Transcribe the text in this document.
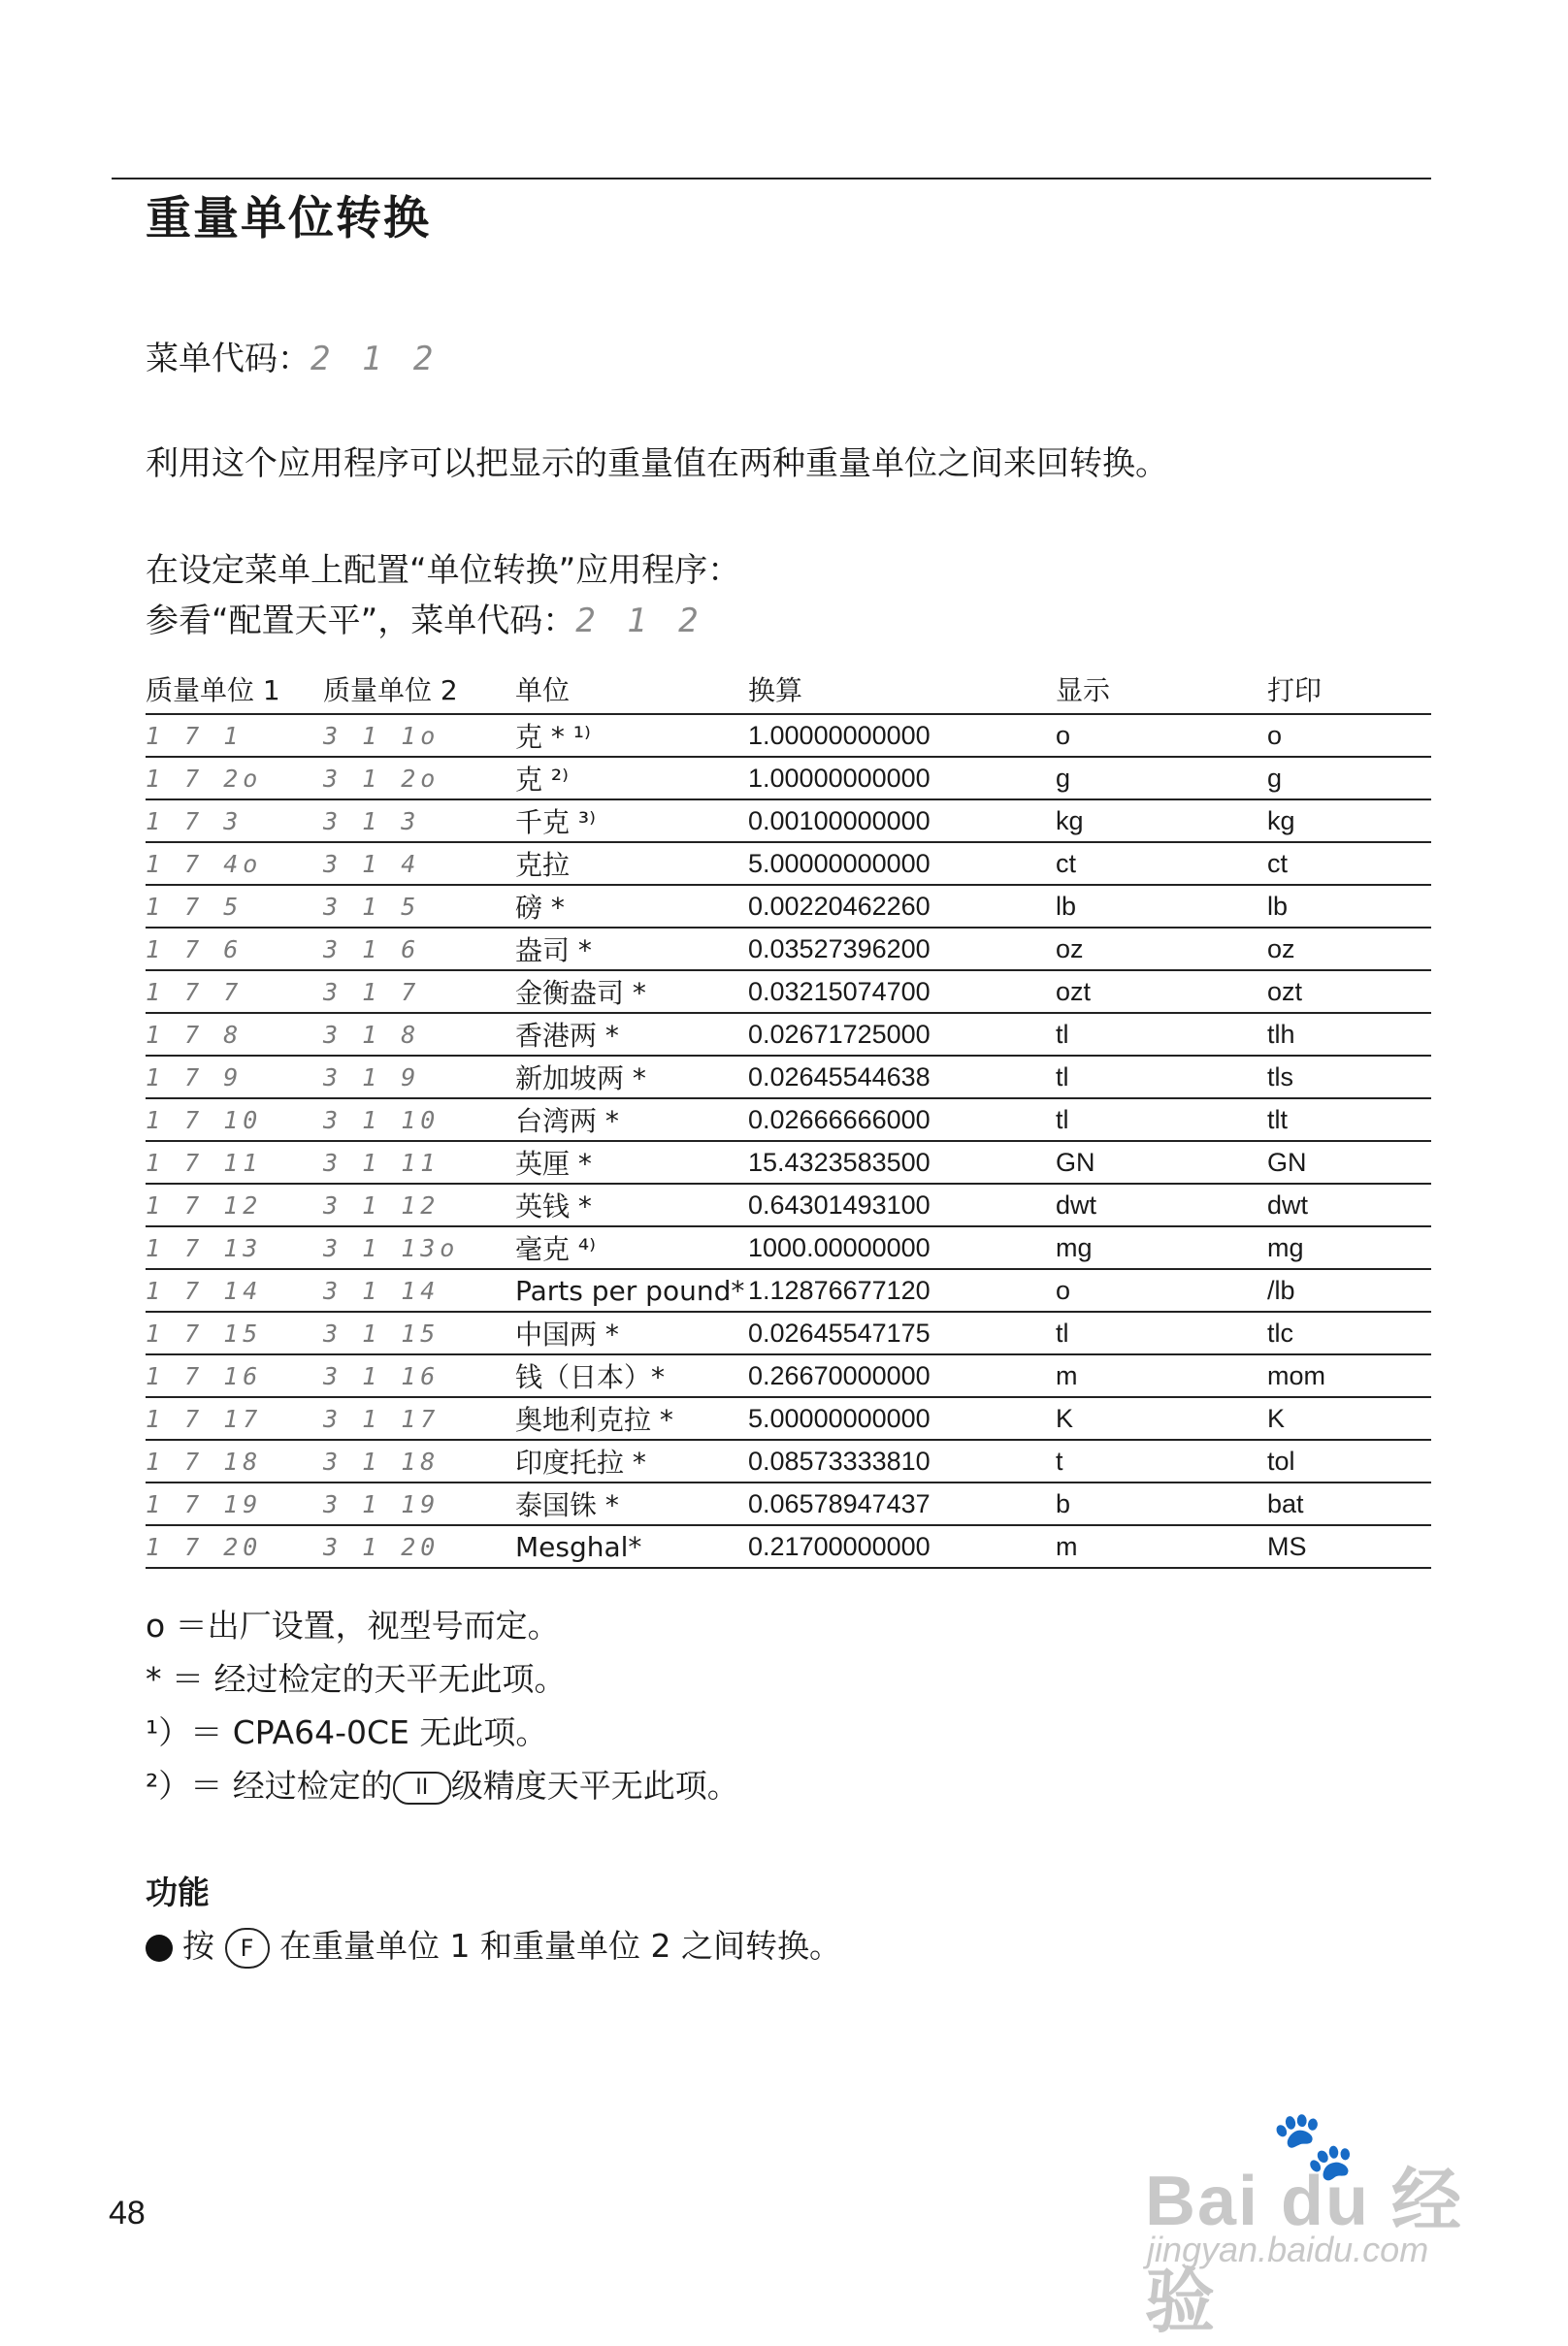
重量单位转换
菜单代码：2 1 2
利用这个应用程序可以把显示的重量值在两种重量单位之间来回转换。
在设定菜单上配置“单位转换”应用程序：
参看“配置天平”，菜单代码：2 1 2
质量单位 1	质量单位 2	单位	换算	显示	打印
1 7 1	3 1 1o	克 * ¹⁾	1.00000000000	o	o
1 7 2o	3 1 2o	克 ²⁾	1.00000000000	g	g
1 7 3	3 1 3	千克 ³⁾	0.00100000000	kg	kg
1 7 4o	3 1 4	克拉	5.00000000000	ct	ct
1 7 5	3 1 5	磅 *	0.00220462260	lb	lb
1 7 6	3 1 6	盎司 *	0.03527396200	oz	oz
1 7 7	3 1 7	金衡盎司 *	0.03215074700	ozt	ozt
1 7 8	3 1 8	香港两 *	0.02671725000	tl	tlh
1 7 9	3 1 9	新加坡两 *	0.02645544638	tl	tls
1 7 10	3 1 10	台湾两 *	0.02666666000	tl	tlt
1 7 11	3 1 11	英厘 *	15.4323583500	GN	GN
1 7 12	3 1 12	英钱 *	0.64301493100	dwt	dwt
1 7 13	3 1 13o	毫克 ⁴⁾	1000.00000000	mg	mg
1 7 14	3 1 14	Parts per pound*	1.12876677120	o	/lb
1 7 15	3 1 15	中国两 *	0.02645547175	tl	tlc
1 7 16	3 1 16	钱（日本）*	0.26670000000	m	mom
1 7 17	3 1 17	奥地利克拉 *	5.00000000000	K	K
1 7 18	3 1 18	印度托拉 *	0.08573333810	t	tol
1 7 19	3 1 19	泰国铢 *	0.06578947437	b	bat
1 7 20	3 1 20	Mesghal*	0.21700000000	m	MS
o ＝出厂设置，视型号而定。
* ＝ 经过检定的天平无此项。
¹）＝ CPA64-0CE 无此项。
²）＝ 经过检定的 II 级精度天平无此项。
功能
按 F 在重量单位 1 和重量单位 2 之间转换。
48
🐾
Bai du 经验
jingyan.baidu.com
